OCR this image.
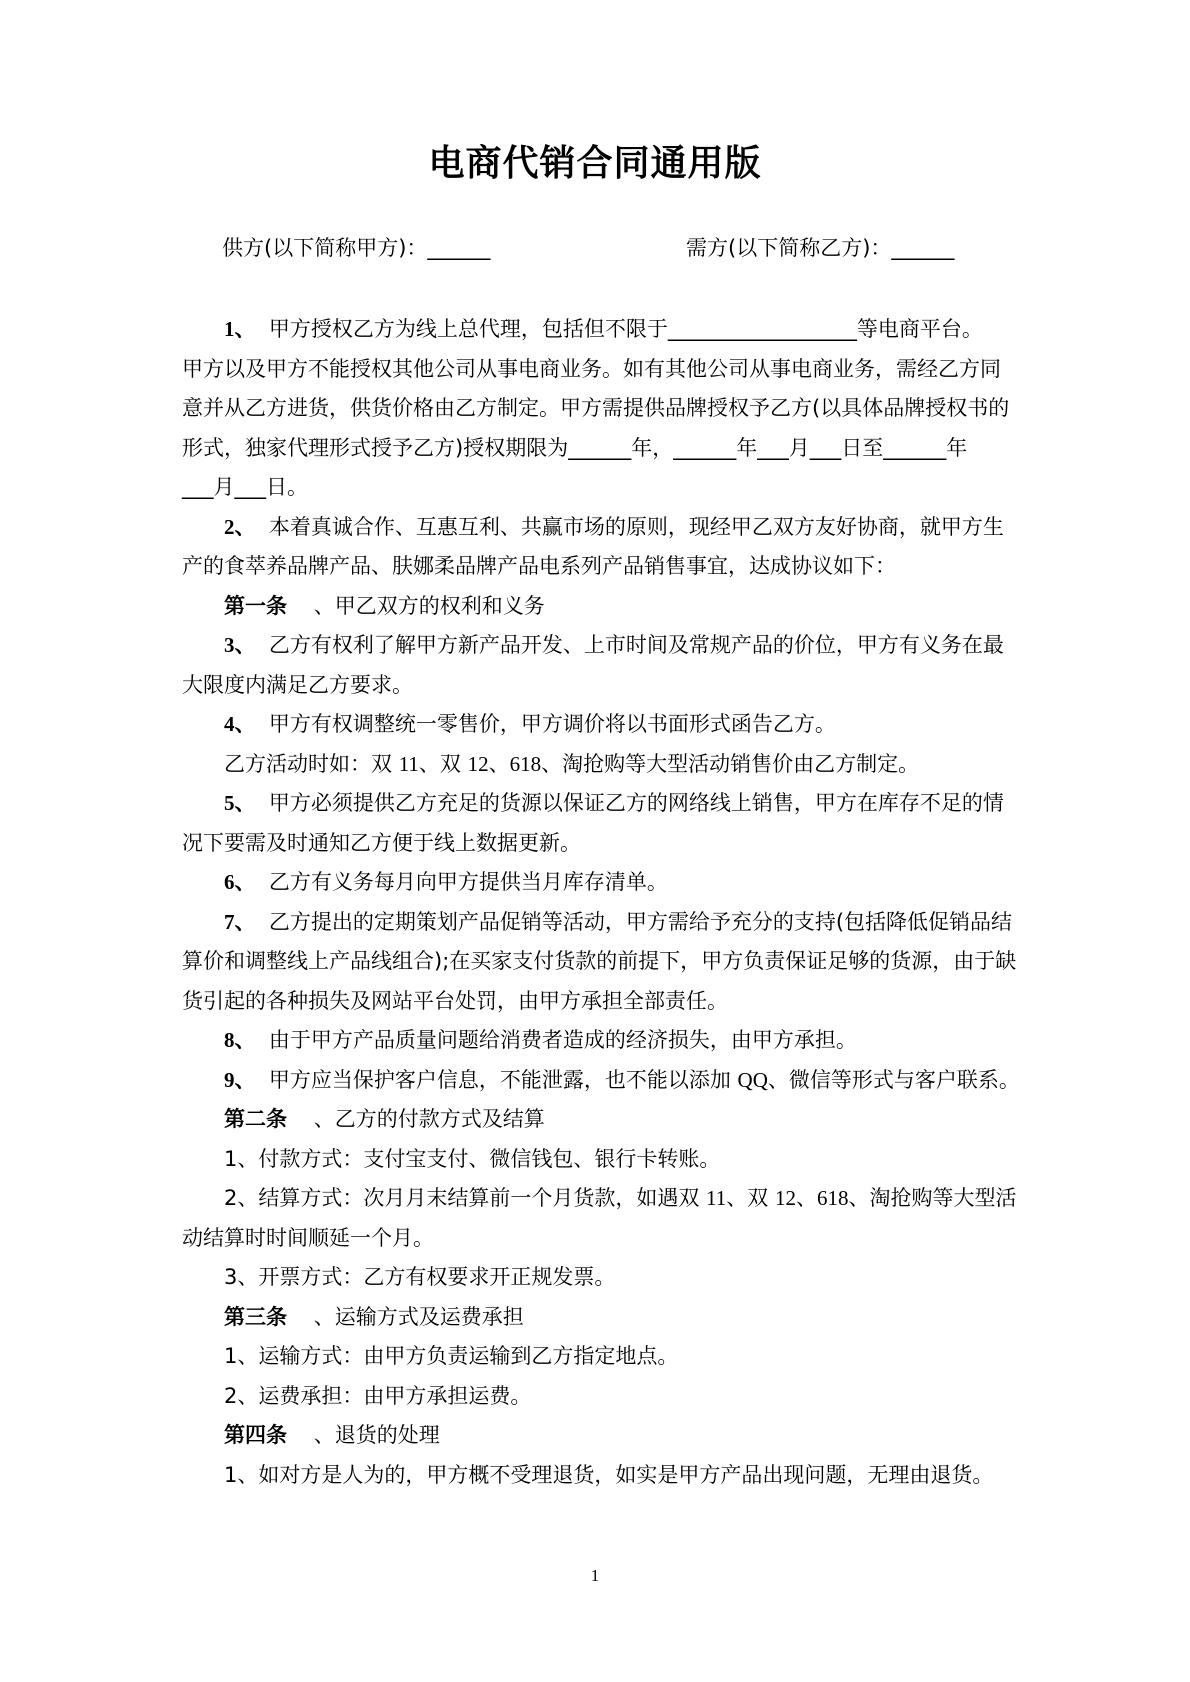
电商代销合同通用版
供方(以下简称甲方)：______	需方(以下简称乙方)：______

1、 甲方授权乙方为线上总代理，包括但不限于__________________等电商平台。

甲方以及甲方不能授权其他公司从事电商业务。如有其他公司从事电商业务，需经乙方同

意并从乙方进货，供货价格由乙方制定。甲方需提供品牌授权予乙方(以具体品牌授权书的

形式，独家代理形式授予乙方)授权期限为______年，______年___月___日至______年

___月___日。

2、 本着真诚合作、互惠互利、共赢市场的原则，现经甲乙双方友好协商，就甲方生

产的食萃养品牌产品、肤娜柔品牌产品电系列产品销售事宜，达成协议如下：

第一条 、甲乙双方的权利和义务

3、 乙方有权利了解甲方新产品开发、上市时间及常规产品的价位，甲方有义务在最

大限度内满足乙方要求。

4、 甲方有权调整统一零售价，甲方调价将以书面形式函告乙方。

乙方活动时如：双 11、双 12、618、淘抢购等大型活动销售价由乙方制定。

5、 甲方必须提供乙方充足的货源以保证乙方的网络线上销售，甲方在库存不足的情

况下要需及时通知乙方便于线上数据更新。

6、 乙方有义务每月向甲方提供当月库存清单。

7、 乙方提出的定期策划产品促销等活动，甲方需给予充分的支持(包括降低促销品结

算价和调整线上产品线组合);在买家支付货款的前提下，甲方负责保证足够的货源，由于缺

货引起的各种损失及网站平台处罚，由甲方承担全部责任。

8、 由于甲方产品质量问题给消费者造成的经济损失，由甲方承担。

9、 甲方应当保护客户信息，不能泄露，也不能以添加 QQ、微信等形式与客户联系。

第二条 、乙方的付款方式及结算

1、付款方式：支付宝支付、微信钱包、银行卡转账。

2、结算方式：次月月末结算前一个月货款，如遇双 11、双 12、618、淘抢购等大型活

动结算时时间顺延一个月。

3、开票方式：乙方有权要求开正规发票。

第三条 、运输方式及运费承担

1、运输方式：由甲方负责运输到乙方指定地点。

2、运费承担：由甲方承担运费。

第四条 、退货的处理

1、如对方是人为的，甲方概不受理退货，如实是甲方产品出现问题，无理由退货。

1
